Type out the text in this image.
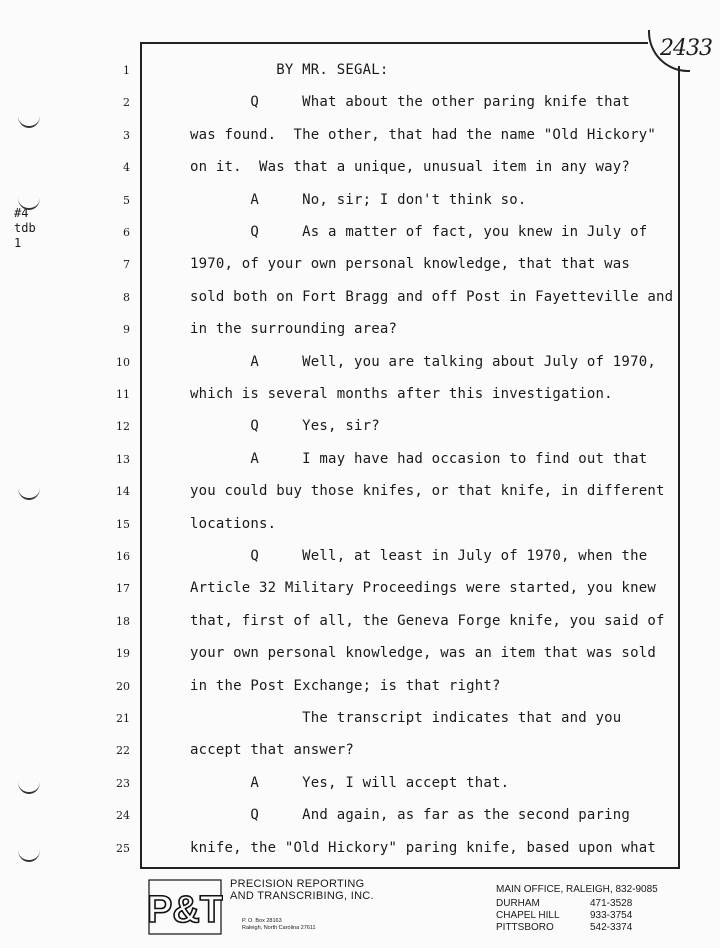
2433
#4
tdb
1
1	BY MR. SEGAL:
2	Q     What about the other paring knife that
3	was found.  The other, that had the name "Old Hickory"
4	on it.  Was that a unique, unusual item in any way?
5	A     No, sir; I don't think so.
6	Q     As a matter of fact, you knew in July of
7	1970, of your own personal knowledge, that that was
8	sold both on Fort Bragg and off Post in Fayetteville and
9	in the surrounding area?
10	A     Well, you are talking about July of 1970,
11	which is several months after this investigation.
12	Q     Yes, sir?
13	A     I may have had occasion to find out that
14	you could buy those knifes, or that knife, in different
15	locations.
16	Q     Well, at least in July of 1970, when the
17	Article 32 Military Proceedings were started, you knew
18	that, first of all, the Geneva Forge knife, you said of
19	your own personal knowledge, was an item that was sold
20	in the Post Exchange; is that right?
21	The transcript indicates that and you
22	accept that answer?
23	A     Yes, I will accept that.
24	Q     And again, as far as the second paring
25	knife, the "Old Hickory" paring knife, based upon what
P&T
PRECISION REPORTING
AND TRANSCRIBING, INC.
P. O. Box 28163
Raleigh, North Carolina 27611
MAIN OFFICE, RALEIGH, 832-9085
DURHAM	471-3528
CHAPEL HILL	933-3754
PITTSBORO	542-3374
